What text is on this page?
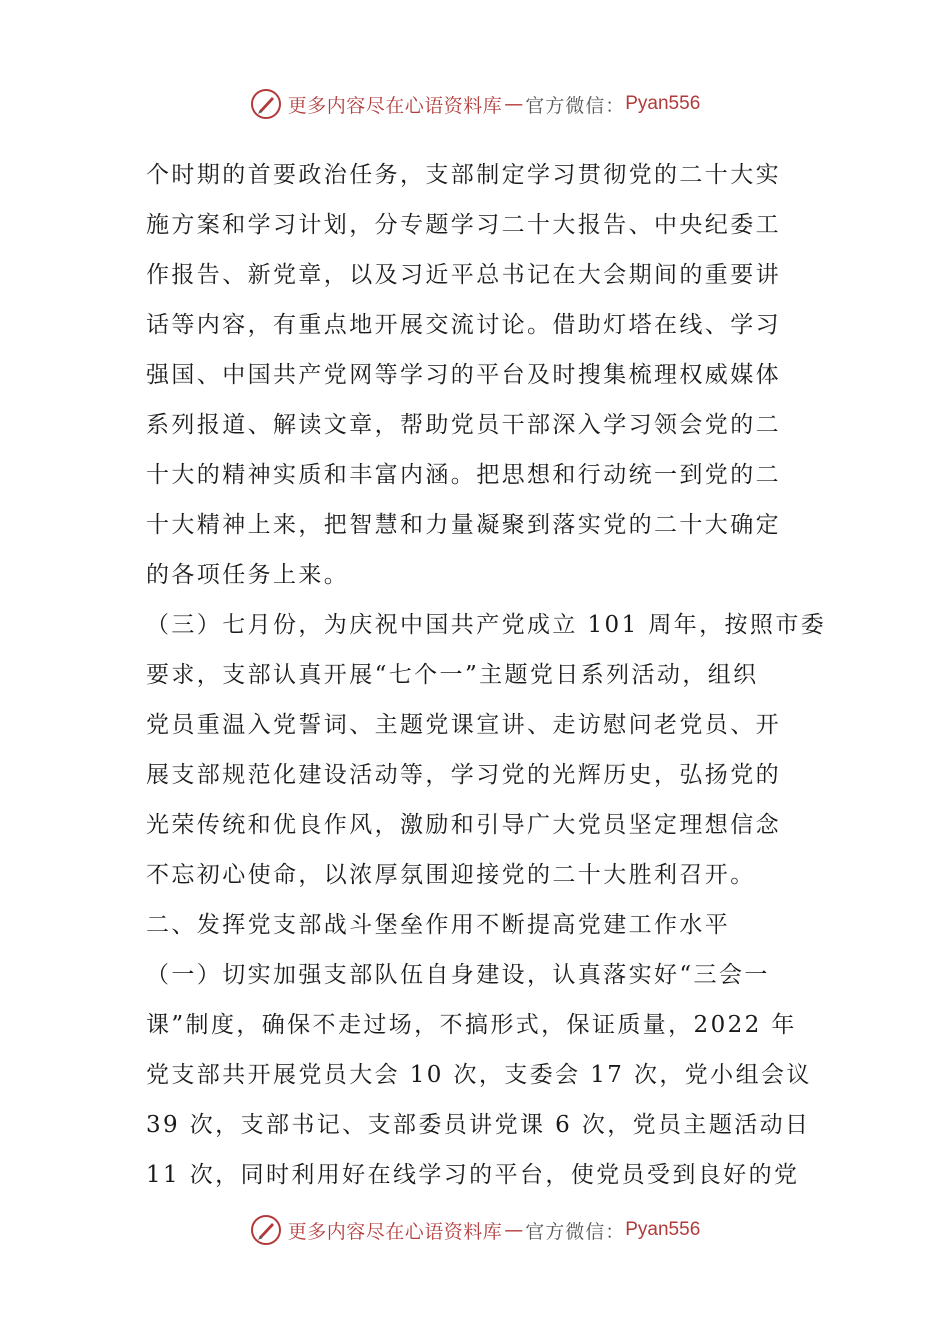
更多内容尽在心语资料库 — 官方微信： Pyan556

个时期的首要政治任务，支部制定学习贯彻党的二十大实
施方案和学习计划，分专题学习二十大报告、中央纪委工
作报告、新党章，以及习近平总书记在大会期间的重要讲
话等内容，有重点地开展交流讨论。借助灯塔在线、学习
强国、中国共产党网等学习的平台及时搜集梳理权威媒体
系列报道、解读文章，帮助党员干部深入学习领会党的二
十大的精神实质和丰富内涵。把思想和行动统一到党的二
十大精神上来，把智慧和力量凝聚到落实党的二十大确定
的各项任务上来。

（三）七月份，为庆祝中国共产党成立 101 周年，按照市委
要求，支部认真开展“七个一”主题党日系列活动，组织
党员重温入党誓词、主题党课宣讲、走访慰问老党员、开
展支部规范化建设活动等，学习党的光辉历史，弘扬党的
光荣传统和优良作风，激励和引导广大党员坚定理想信念
不忘初心使命，以浓厚氛围迎接党的二十大胜利召开。

二、发挥党支部战斗堡垒作用不断提高党建工作水平

（一）切实加强支部队伍自身建设，认真落实好“三会一
课”制度，确保不走过场，不搞形式，保证质量，2022 年
党支部共开展党员大会 10 次，支委会 17 次，党小组会议
39 次，支部书记、支部委员讲党课 6 次，党员主题活动日
11 次，同时利用好在线学习的平台，使党员受到良好的党

更多内容尽在心语资料库 — 官方微信： Pyan556
